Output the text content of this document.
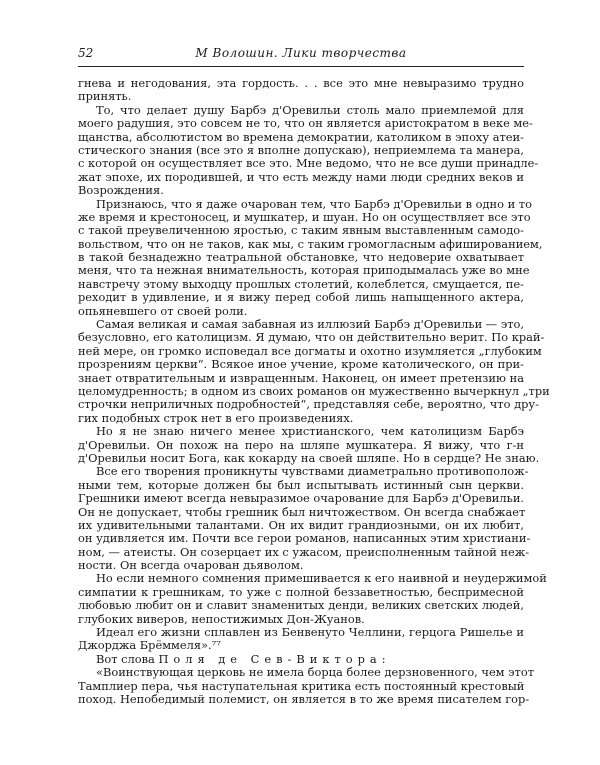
52	М Волошин. Лики творчества
гнева и негодования, эта гордость. . . все это мне невыразимо трудно
принять.
То, что делает душу Барбэ д'Оревильи столь мало приемлемой для
моего радушия, это совсем не то, что он является аристократом в веке ме-
щанства, абсолютистом во времена демократии, католиком в эпоху атеи-
стического знания (все это я вполне допускаю), неприемлема та манера,
с которой он осуществляет все это. Мне ведомо, что не все души принадле-
жат эпохе, их породившей, и что есть между нами люди средних веков и
Возрождения.
Признаюсь, что я даже очарован тем, что Барбэ д'Оревильи в одно и то
же время и крестоносец, и мушкатер, и шуан. Но он осуществляет все это
с такой преувеличенною яростью, с таким явным выставленным самодо-
вольством, что он не таков, как мы, с таким громогласным афишированием,
в такой безнадежно театральной обстановке, что недоверие охватывает
меня, что та нежная внимательность, которая приподымалась уже во мне
навстречу этому выходцу прошлых столетий, колеблется, смущается, пе-
реходит в удивление, и я вижу перед собой лишь напыщенного актера,
опьяневшего от своей роли.
Самая великая и самая забавная из иллюзий Барбэ д'Оревильи — это,
безусловно, его католицизм. Я думаю, что он действительно верит. По край-
ней мере, он громко исповедал все догматы и охотно изумляется „глубоким
прозрениям церкви“. Всякое иное учение, кроме католического, он при-
знает отвратительным и извращенным. Наконец, он имеет претензию на
целомудренность; в одном из своих романов он мужественно вычеркнул „три
строчки неприличных подробностей“, представляя себе, вероятно, что дру-
гих подобных строк нет в его произведениях.
Но я не знаю ничего менее христианского, чем католицизм Барбэ
д'Оревильи. Он похож на перо на шляпе мушкатера. Я вижу, что г-н
д'Оревильи носит Бога, как кокарду на своей шляпе. Но в сердце? Не знаю.
Все его творения проникнуты чувствами диаметрально противополож-
ными тем, которые должен бы был испытывать истинный сын церкви.
Грешники имеют всегда невыразимое очарование для Барбэ д'Оревильи.
Он не допускает, чтобы грешник был ничтожеством. Он всегда снабжает
их удивительными талантами. Он их видит грандиозными, он их любит,
он удивляется им. Почти все герои романов, написанных этим христиани-
ном, — атеисты. Он созерцает их с ужасом, преисполненным тайной неж-
ности. Он всегда очарован дьяволом.
Но если немного сомнения примешивается к его наивной и неудержимой
симпатии к грешникам, то уже с полной беззаветностью, беспримесной
любовью любит он и славит знаменитых денди, великих светских людей,
глубоких виверов, непостижимых Дон-Жуанов.
Идеал его жизни сплавлен из Бенвенуто Челлини, герцога Ришелье и
Джорджа Брёммеля».⁷⁷
Вот слова Поля де Сев-Виктора:
«Воинствующая церковь не имела борца более дерзновенного, чем этот
Тамплиер пера, чья наступательная критика есть постоянный крестовый
поход. Непобедимый полемист, он является в то же время писателем гор-
